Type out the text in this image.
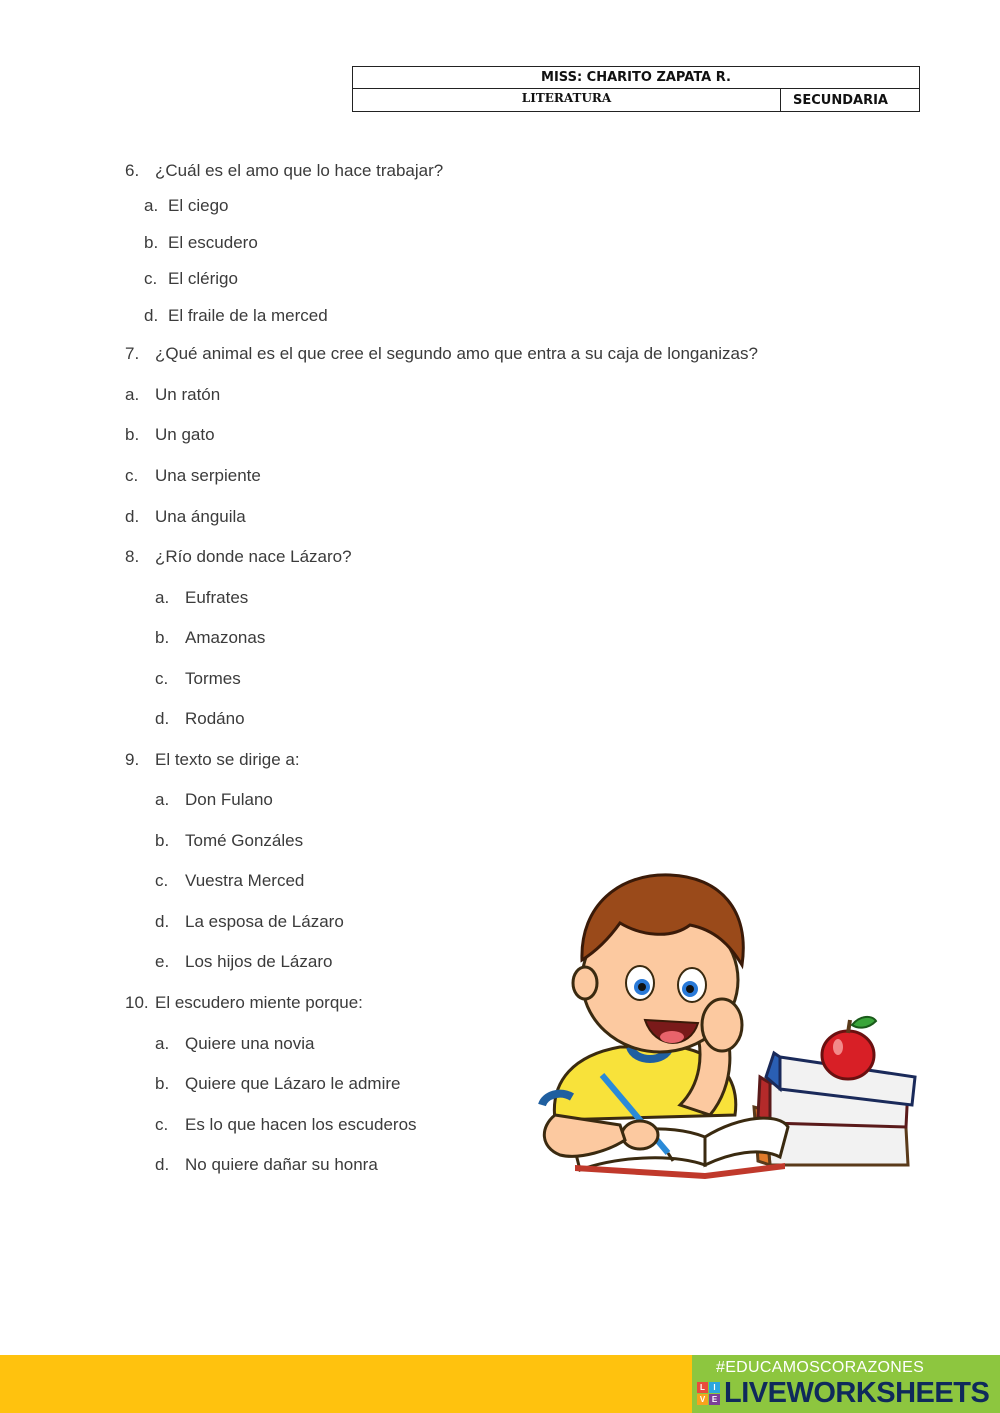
MISS: CHARITO ZAPATA R.
LITERATURA	SECUNDARIA
6. ¿Cuál es el amo que lo hace trabajar?
a. El ciego
b. El escudero
c. El clérigo
d. El fraile de la merced
7. ¿Qué animal es el que cree el segundo amo que entra a su caja de longanizas?
a. Un ratón
b. Un gato
c. Una serpiente
d. Una ánguila
8. ¿Río donde nace Lázaro?
a. Eufrates
b. Amazonas
c. Tormes
d. Rodáno
9. El texto se dirige a:
a. Don Fulano
b. Tomé Gonzáles
c. Vuestra Merced
d. La esposa de Lázaro
e. Los hijos de Lázaro
10. El escudero miente porque:
a. Quiere una novia
b. Quiere que Lázaro le admire
c. Es lo que hacen los escuderos
d. No quiere dañar su honra
#EDUCAMOSCORAZONES
L	I
V E LIVEWORKSHEETS
